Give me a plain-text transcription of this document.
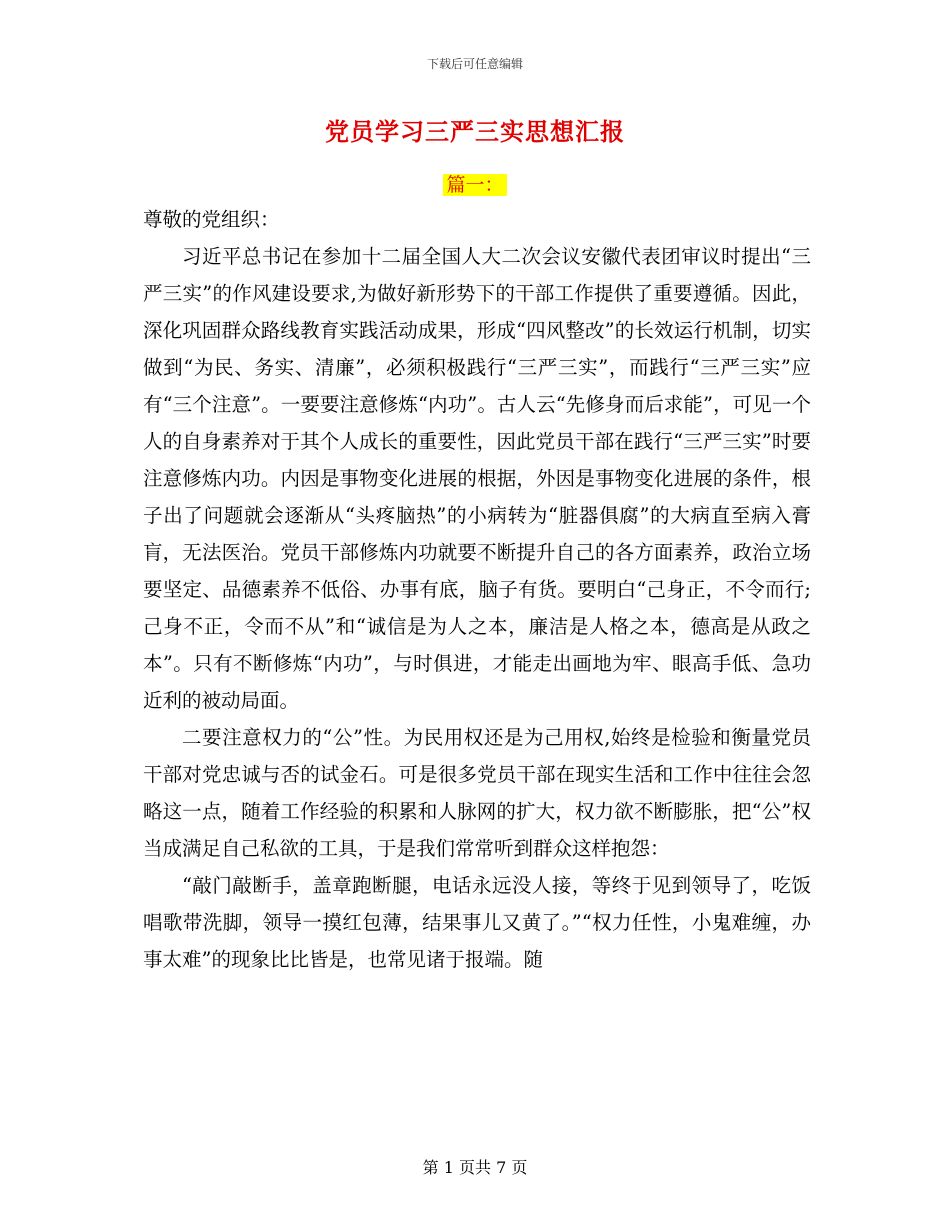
下载后可任意编辑
党员学习三严三实思想汇报
篇一：

尊敬的党组织：

习近平总书记在参加十二届全国人大二次会议安徽代表团审议时提出“三严三实”的作风建设要求,为做好新形势下的干部工作提供了重要遵循。因此，深化巩固群众路线教育实践活动成果，形成“四风整改”的长效运行机制，切实做到“为民、务实、清廉”，必须积极践行“三严三实”，而践行“三严三实”应有“三个注意”。一要要注意修炼“内功”。古人云“先修身而后求能”，可见一个人的自身素养对于其个人成长的重要性，因此党员干部在践行“三严三实”时要注意修炼内功。内因是事物变化进展的根据，外因是事物变化进展的条件，根子出了问题就会逐渐从“头疼脑热”的小病转为“脏器俱腐”的大病直至病入膏肓，无法医治。党员干部修炼内功就要不断提升自己的各方面素养，政治立场要坚定、品德素养不低俗、办事有底，脑子有货。要明白“己身正，不令而行;己身不正，令而不从”和“诚信是为人之本，廉洁是人格之本，德高是从政之本”。只有不断修炼“内功”，与时俱进，才能走出画地为牢、眼高手低、急功近利的被动局面。

二要注意权力的“公”性。为民用权还是为己用权,始终是检验和衡量党员干部对党忠诚与否的试金石。可是很多党员干部在现实生活和工作中往往会忽略这一点，随着工作经验的积累和人脉网的扩大，权力欲不断膨胀，把“公”权当成满足自己私欲的工具，于是我们常常听到群众这样抱怨：

“敲门敲断手，盖章跑断腿，电话永远没人接，等终于见到领导了，吃饭唱歌带洗脚，领导一摸红包薄，结果事儿又黄了。”“权力任性，小鬼难缠，办事太难”的现象比比皆是，也常见诸于报端。随

第 1 页共 7 页
